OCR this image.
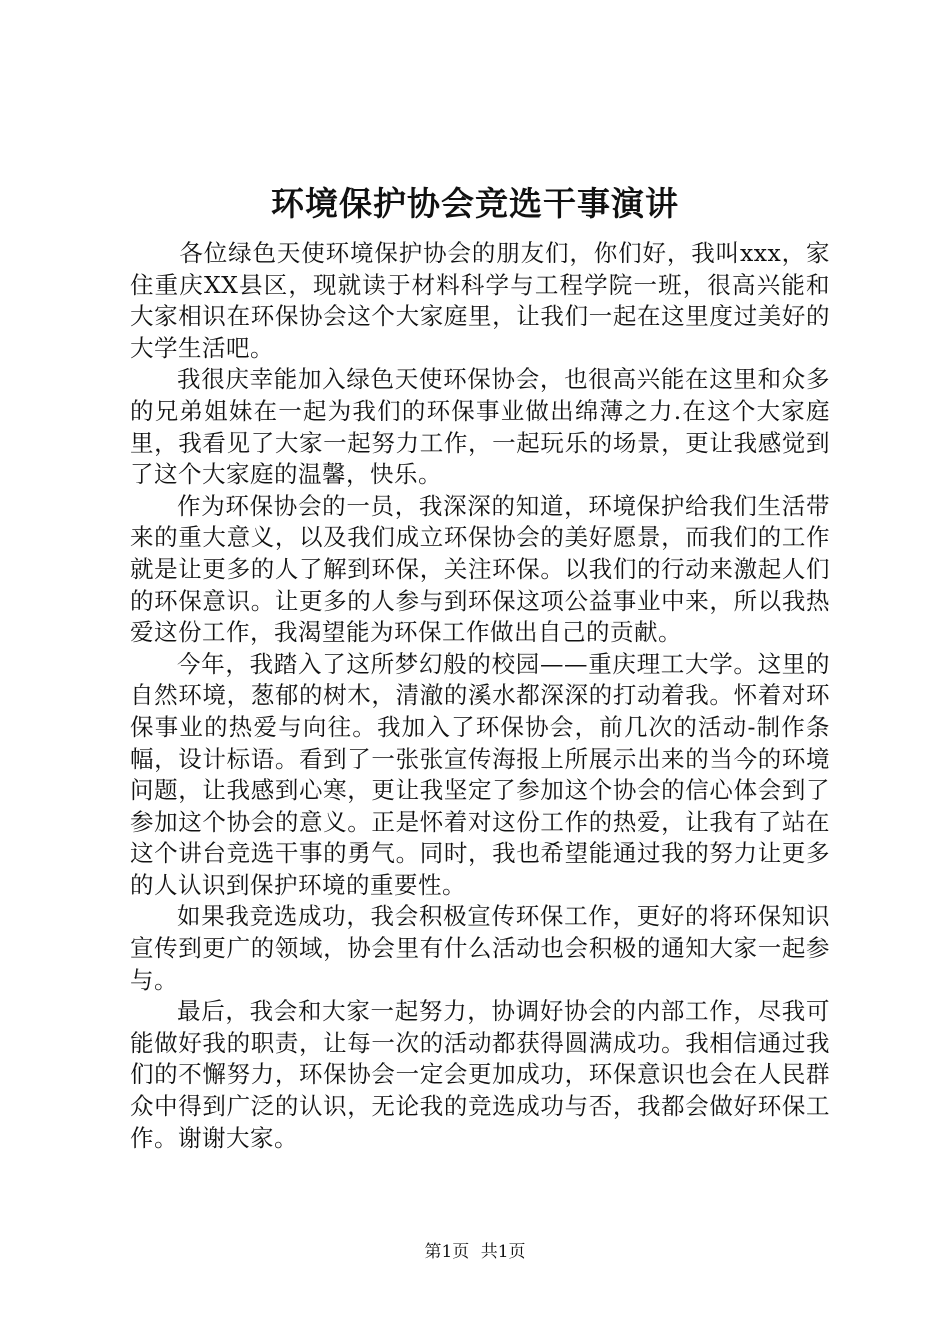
环境保护协会竞选干事演讲

各位绿色天使环境保护协会的朋友们，你们好，我叫xxx，家住重庆XX县区，现就读于材料科学与工程学院一班，很高兴能和大家相识在环保协会这个大家庭里，让我们一起在这里度过美好的大学生活吧。

我很庆幸能加入绿色天使环保协会，也很高兴能在这里和众多的兄弟姐妹在一起为我们的环保事业做出绵薄之力.在这个大家庭里，我看见了大家一起努力工作，一起玩乐的场景，更让我感觉到了这个大家庭的温馨，快乐。

作为环保协会的一员，我深深的知道，环境保护给我们生活带来的重大意义，以及我们成立环保协会的美好愿景，而我们的工作就是让更多的人了解到环保，关注环保。以我们的行动来激起人们的环保意识。让更多的人参与到环保这项公益事业中来，所以我热爱这份工作，我渴望能为环保工作做出自己的贡献。

今年，我踏入了这所梦幻般的校园——重庆理工大学。这里的自然环境，葱郁的树木，清澈的溪水都深深的打动着我。怀着对环保事业的热爱与向往。我加入了环保协会，前几次的活动-制作条幅，设计标语。看到了一张张宣传海报上所展示出来的当今的环境问题，让我感到心寒，更让我坚定了参加这个协会的信心体会到了参加这个协会的意义。正是怀着对这份工作的热爱，让我有了站在这个讲台竞选干事的勇气。同时，我也希望能通过我的努力让更多的人认识到保护环境的重要性。

如果我竞选成功，我会积极宣传环保工作，更好的将环保知识宣传到更广的领域，协会里有什么活动也会积极的通知大家一起参与。

最后，我会和大家一起努力，协调好协会的内部工作，尽我可能做好我的职责，让每一次的活动都获得圆满成功。我相信通过我们的不懈努力，环保协会一定会更加成功，环保意识也会在人民群众中得到广泛的认识，无论我的竞选成功与否，我都会做好环保工作。谢谢大家。

第1页 共1页
